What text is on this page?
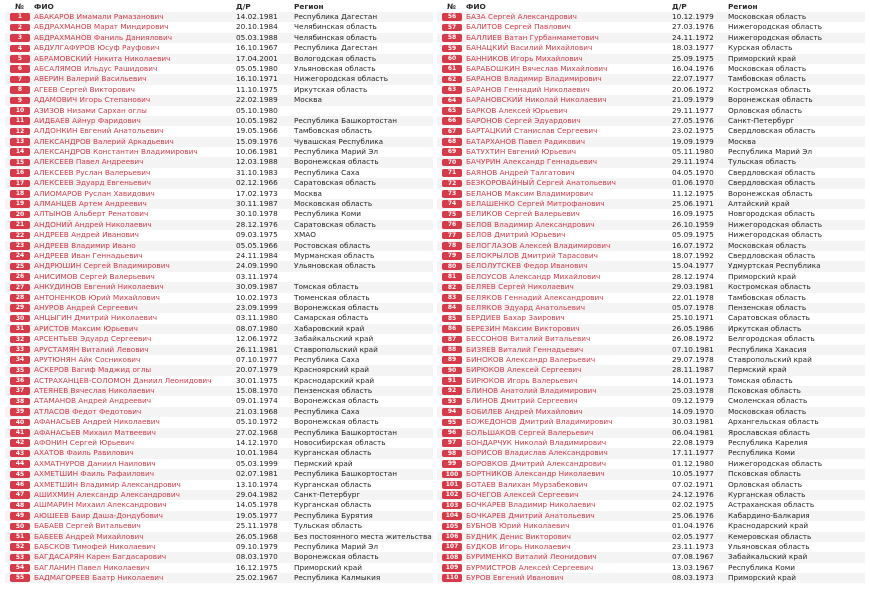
№ ФИО	Д/Р	Регион
1	АБАКАРОВ Имамали Рамазанович	14.02.1981 Республика Дагестан
2	АБДРАХМАНОВ Марат Миндирович	20.10.1984 Челябинская область
3	АБДРАХМАНОВ Фаниль Даниялович	05.03.1988 Челябинская область
4	АБДУЛГАФУРОВ Юсуф Рауфович	16.10.1967 Республика Дагестан
5	АБРАМОВСКИЙ Никита Николаевич	17.04.2001 Вологодская область
6	АБСАЛЯМОВ Ильдус Рашидович	05.05.1980 Ульяновская область
7	АВЕРИН Валерий Васильевич	16.10.1971 Нижегородская область
8	АГЕЕВ Сергей Викторович	11.10.1975 Иркутская область
9	АДАМОВИЧ Игорь Степанович	22.02.1989 Москва
10	АЗИЗОВ Низами Сархан оглы	05.10.1980
11	АИДБАЕВ Айнур Фаридович	10.05.1982 Республика Башкортостан
12	АЛДОНКИН Евгений Анатольевич	19.05.1966 Тамбовская область
13	АЛЕКСАНДРОВ Валерий Аркадьевич	15.09.1976 Чувашская Республика
14	АЛЕКСАНДРОВ Константин Владимирович	10.06.1981 Республика Марий Эл
15	АЛЕКСЕЕВ Павел Андреевич	12.03.1988 Воронежская область
16	АЛЕКСЕЕВ Руслан Валерьевич	31.10.1983 Республика Саха
17	АЛЕКСЕЕВ Эдуард Евгеньевич	02.12.1966 Саратовская область
18	АЛИОМАРОВ Руслан Хавидович	17.02.1973 Москва
19	АЛМАНЦЕВ Артем Андреевич	30.11.1987 Московская область
20	АЛТЫНОВ Альберт Ренатович	30.10.1978 Республика Коми
21	АНДОНИЙ Андрей Николаевич	28.12.1976 Саратовская область
22	АНДРЕЕВ Андрей Иванович	09.03.1975 ХМАО
23	АНДРЕЕВ Владимир Ивано	05.05.1966 Ростовская область
24	АНДРЕЕВ Иван Геннадьевич	24.11.1984 Мурманская область
25	АНДРЮШИН Сергей Владимирович	24.09.1990 Ульяновская область
26	АНИСИМОВ Сергей Валерьевич	03.11.1974
27	АНКУДИНОВ Евгений Николаевич	30.09.1987 Томская область
28	АНТОНЕНКОВ Юрий Михайлович	10.02.1973 Тюменская область
29	АНУРОВ Андрей Сергеевич	23.09.1999 Воронежская область
30	АНЦЫГИН Дмитрий Николаевич	03.11.1980 Самарская область
31	АРИСТОВ Максим Юрьевич	08.07.1980 Хабаровский край
32	АРСЕНТЬЕВ Эдуард Сергеевич	12.06.1972 Забайкальский край
33	АРУСТАМЯН Виталий Левович	26.11.1981 Ставропольский край
34	АРУТЮНЯН Айк Сосникович	07.10.1977 Республика Саха
35	АСКЕРОВ Вагиф Маджид оглы	20.07.1979 Красноярский край
36	АСТРАХАНЦЕВ-СОЛОМОН Даниил Леонидович	30.01.1975 Краснодарский край
37	АТЕЯНЕВ Вячеслав Николаевич	15.08.1970 Пензенская область
38	АТАМАНОВ Андрей Андреевич	09.01.1974 Воронежская область
39	АТЛАСОВ Федот Федотович	21.03.1968 Республика Саха
40	АФАНАСЬЕВ Андрей Николаевич	05.10.1972 Воронежская область
41	АФАНАСЬЕВ Михаил Матвеевич	27.02.1968 Республика Башкортостан
42	АФОНИН Сергей Юрьевич	14.12.1970 Новосибирская область
43	АХАТОВ Фаиль Равилович	10.01.1984 Курганская область
44	АХМАТНУРОВ Даниил Наилович	05.03.1999 Пермский край
45	АХМЕТШИН Фаиль Рафаилович	02.07.1981 Республика Башкортостан
46	АХМЕТШИН Владимир Александрович	13.10.1974 Курганская область
47	АШИХМИН Александр Александрович	29.04.1982 Санкт-Петербург
48	АШМАРИН Михаил Александрович	14.05.1978 Курганская область
49	АЮШЕЕВ Баир Даша-Дондубович	19.05.1977 Республика Бурятия
50	БАБАЕВ Сергей Витальевич	25.11.1978 Тульская область
51	БАБЕЕВ Андрей Михайлович	26.05.1968 Без постоянного места жительства
52	БАБСКОВ Тимофей Николаевич	09.10.1979 Республика Марий Эл
53	БАГДАСАРЯН Карен Багдасарович	08.03.1970 Воронежская область
54	БАГЛАНИН Павел Николаевич	16.12.1975 Приморский край
55	БАДМАГОРЕЕВ Баатр Николаевич	25.02.1967 Республика Калмыкия
№ ФИО	Д/Р	Регион
56	БАЗА Сергей Александрович	10.12.1979 Московская область
57	БАЛИТОВ Сергей Павлович	27.03.1976 Нижегородская область
58	БАЛЛИЕВ Ватан Гурбанмаметович	24.11.1972 Нижегородская область
59	БАНАЦКИЙ Василий Михайлович	18.03.1977 Курская область
60	БАННИКОВ Игорь Михайлович	25.09.1975 Приморский край
61	БАРАБОШКИН Вячеслав Михайлович	16.04.1976 Московская область
62	БАРАНОВ Владимир Владимирович	22.07.1977 Тамбовская область
63	БАРАНОВ Геннадий Николаевич	20.06.1972 Костромская область
64	БАРАНОВСКИЙ Николай Николаевич	21.09.1979 Воронежская область
65	БАРКОВ Алексей Юрьевич	29.11.1977 Орловская область
66	БАРОНОВ Сергей Эдуардович	27.05.1976 Санкт-Петербург
67	БАРТАЦКИЙ Станислав Сергеевич	23.02.1975 Свердловская область
68	БАТАРХАНОВ Павел Радикович	19.09.1979 Москва
69	БАТУХТИН Евгений Юрьевич	05.11.1980 Республика Марий Эл
70	БАЧУРИН Александр Геннадьевич	29.11.1974 Тульская область
71	БАЯНОВ Андрей Талгатович	04.05.1970 Свердловская область
72	БЕЗКОРОВАЙНЫЙ Сергей Анатольевич	01.06.1970 Свердловская область
73	БЕЛАНОВ Максим Владимирович	11.12.1975 Воронежская область
74	БЕЛАШЕНКО Сергей Митрофанович	25.06.1971 Алтайский край
75	БЕЛИКОВ Сергей Валерьевич	16.09.1975 Новгородская область
76	БЕЛОВ Владимир Александрович	26.10.1959 Нижегородская область
77	БЕЛОВ Дмитрий Юрьевич	05.09.1975 Нижегородская область
78	БЕЛОГЛАЗОВ Алексей Владимирович	16.07.1972 Московская область
79	БЕЛОКРЫЛОВ Дмитрий Тарасович	18.07.1992 Свердловская область
80	БЕЛОЛУТСКЕВ Федор Иванович	15.04.1977 Удмуртская Республика
81	БЕЛОУСОВ Александр Михайлович	28.12.1974 Приморский край
82	БЕЛЯЕВ Сергей Николаевич	29.03.1981 Костромская область
83	БЕЛЯКОВ Геннадий Александрович	22.01.1978 Тамбовская область
84	БЕЛЯКОВ Эдуард Анатольевич	05.07.1978 Пензенская область
85	БЕРДИЕВ Бахар Заирович	25.10.1971 Саратовская область
86	БЕРЕЗИН Максим Викторович	26.05.1986 Иркутская область
87	БЕССОНОВ Виталий Витальевич	26.08.1972 Белгородская область
88	БИЗЯЕВ Виталий Геннадьевич	07.10.1981 Республика Хакасия
89	БИНОКОВ Александр Валерьевич	29.07.1978 Ставропольский край
90	БИРЮКОВ Алексей Сергеевич	28.11.1987 Пермский край
91	БИРЮКОВ Игорь Валерьевич	14.01.1973 Томская область
92	БЛИНОВ Анатолий Владимирович	25.03.1978 Псковская область
93	БЛИНОВ Дмитрий Сергеевич	09.12.1979 Смоленская область
94	БОБИЛЕВ Андрей Михайлович	14.09.1970 Московская область
95	БОЖЕДОНОВ Дмитрий Владимирович	30.03.1981 Архангельская область
96	БОЛЬШАКОВ Сергей Валерьевич	06.04.1981 Ярославская область
97	БОНДАРЧУК Николай Владимирович	22.08.1979 Республика Карелия
98	БОРИСОВ Владислав Александрович	17.11.1977 Республика Коми
99	БОРОВКОВ Дмитрий Александрович	01.12.1980 Нижегородская область
100	БОРТНИКОВ Александр Николаевич	10.05.1977 Псковская область
101	БОТАЕВ Валихан Мурзабекович	07.02.1971 Орловская область
102	БОЧЕГОВ Алексей Сергеевич	24.12.1976 Курганская область
103	БОЧКАРЕВ Владимир Николаевич	02.02.1975 Астраханская область
104	БОЧКАРЕВ Дмитрий Анатольевич	25.06.1976 Кабардино-Балкария
105	БУБНОВ Юрий Николаевич	01.04.1976 Краснодарский край
106	БУДНИК Денис Викторович	02.05.1977 Кемеровская область
107	БУДКОВ Игорь Николаевич	23.11.1973 Ульяновская область
108	БУРИМЕНКО Виталий Леонидович	07.08.1967 Забайкальский край
109	БУРМИСТРОВ Алексей Сергеевич	13.03.1967 Республика Коми
110	БУРОВ Евгений Иванович	08.03.1973 Приморский край
